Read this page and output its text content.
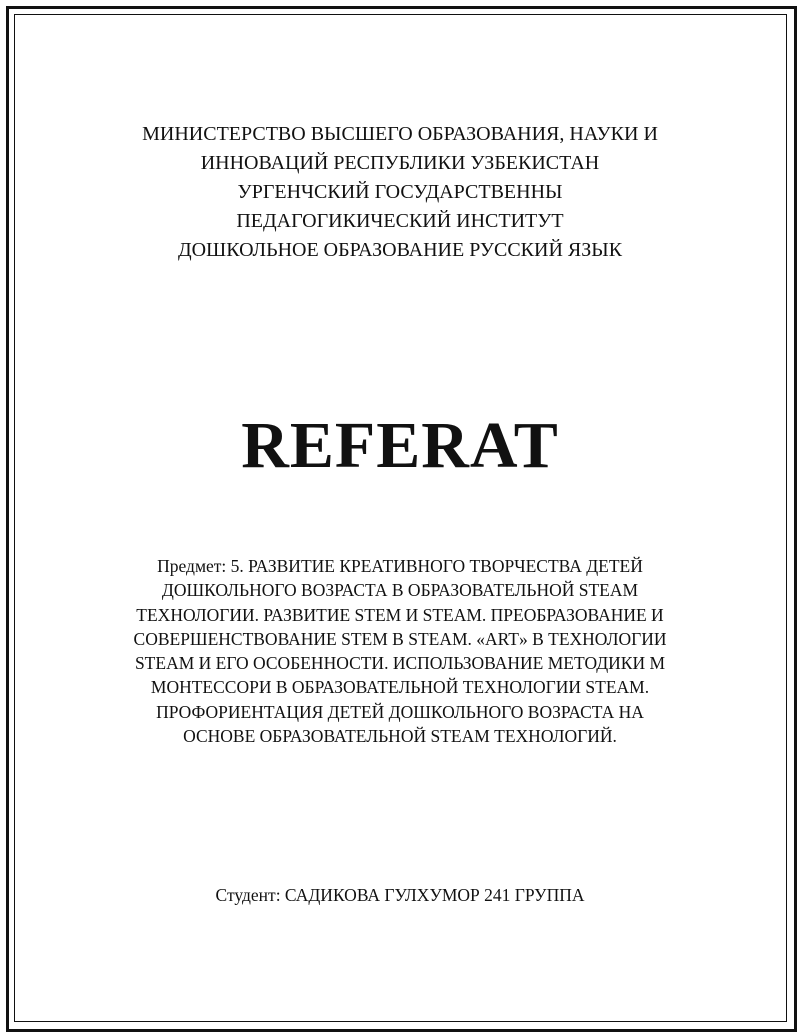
МИНИСТЕРСТВО ВЫСШЕГО ОБРАЗОВАНИЯ, НАУКИ И
ИННОВАЦИЙ РЕСПУБЛИКИ УЗБЕКИСТАН
УРГЕНЧСКИЙ ГОСУДАРСТВЕННЫ
ПЕДАГОГИКИЧЕСКИЙ ИНСТИТУТ
ДОШКОЛЬНОЕ ОБРАЗОВАНИЕ РУССКИЙ ЯЗЫК
REFERAT
Предмет: 5. РАЗВИТИЕ КРЕАТИВНОГО ТВОРЧЕСТВА ДЕТЕЙ
ДОШКОЛЬНОГО ВОЗРАСТА В ОБРАЗОВАТЕЛЬНОЙ STEAM
ТЕХНОЛОГИИ. РАЗВИТИЕ STEM И STEAM. ПРЕОБРАЗОВАНИЕ И
СОВЕРШЕНСТВОВАНИЕ STEM В STEAM. «ART» В ТЕХНОЛОГИИ
STEAM И ЕГО ОСОБЕННОСТИ. ИСПОЛЬЗОВАНИЕ МЕТОДИКИ М
МОНТЕССОРИ В ОБРАЗОВАТЕЛЬНОЙ ТЕХНОЛОГИИ STEAM.
ПРОФОРИЕНТАЦИЯ ДЕТЕЙ ДОШКОЛЬНОГО ВОЗРАСТА НА
ОСНОВЕ ОБРАЗОВАТЕЛЬНОЙ STEAM ТЕХНОЛОГИЙ.
Студент: САДИКОВА ГУЛХУМОР 241 ГРУППА
